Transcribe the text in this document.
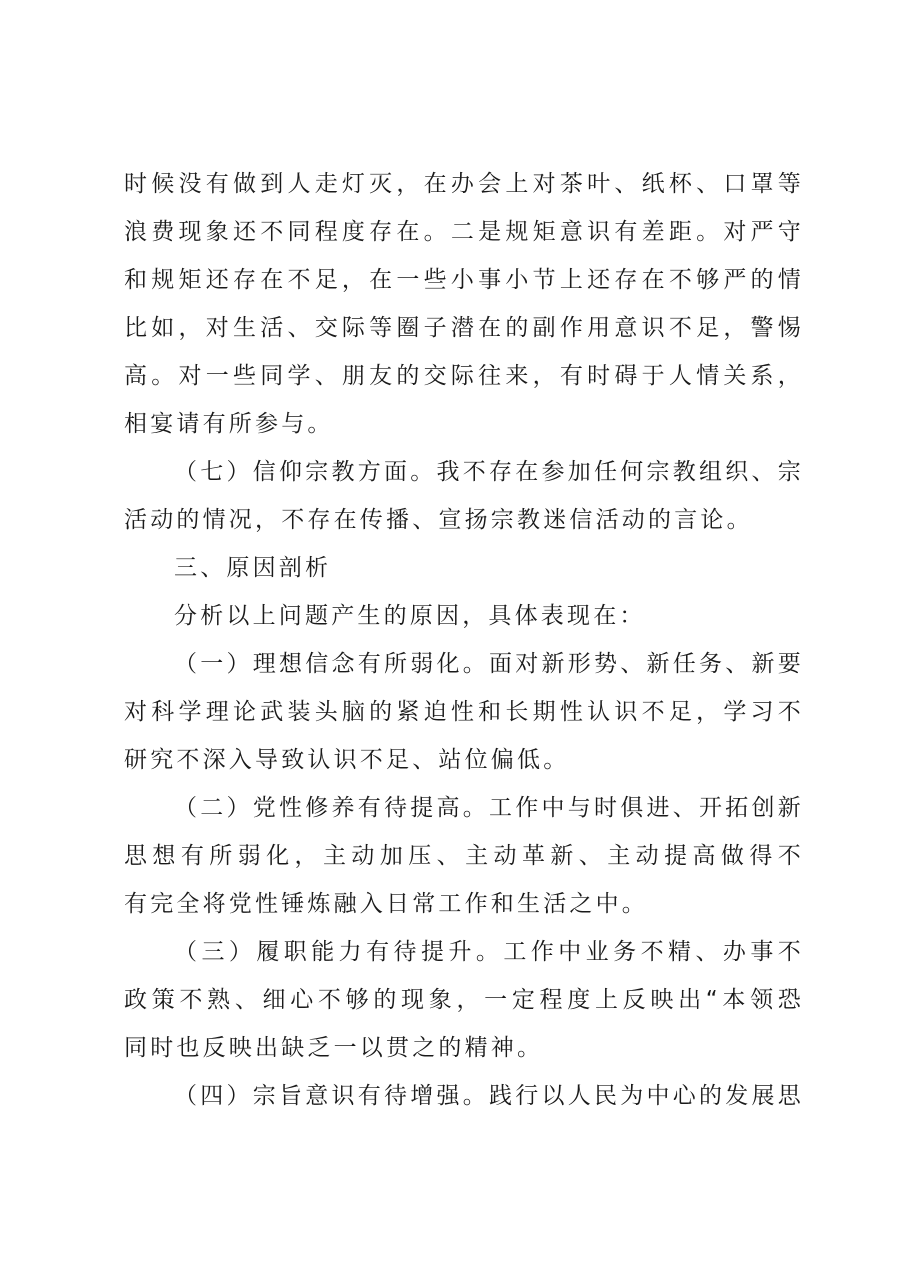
时候没有做到人走灯灭，在办会上对茶叶、纸杯、口罩等
浪费现象还不同程度存在。二是规矩意识有差距。对严守
和规矩还存在不足，在一些小事小节上还存在不够严的情
比如，对生活、交际等圈子潜在的副作用意识不足，警惕
高。对一些同学、朋友的交际往来，有时碍于人情关系，
相宴请有所参与。
（七）信仰宗教方面。我不存在参加任何宗教组织、宗
活动的情况，不存在传播、宣扬宗教迷信活动的言论。
三、原因剖析
分析以上问题产生的原因，具体表现在：
（一）理想信念有所弱化。面对新形势、新任务、新要
对科学理论武装头脑的紧迫性和长期性认识不足，学习不
研究不深入导致认识不足、站位偏低。
（二）党性修养有待提高。工作中与时俱进、开拓创新
思想有所弱化，主动加压、主动革新、主动提高做得不
有完全将党性锤炼融入日常工作和生活之中。
（三）履职能力有待提升。工作中业务不精、办事不
政策不熟、细心不够的现象，一定程度上反映出“本领恐
同时也反映出缺乏一以贯之的精神。
（四）宗旨意识有待增强。践行以人民为中心的发展思
